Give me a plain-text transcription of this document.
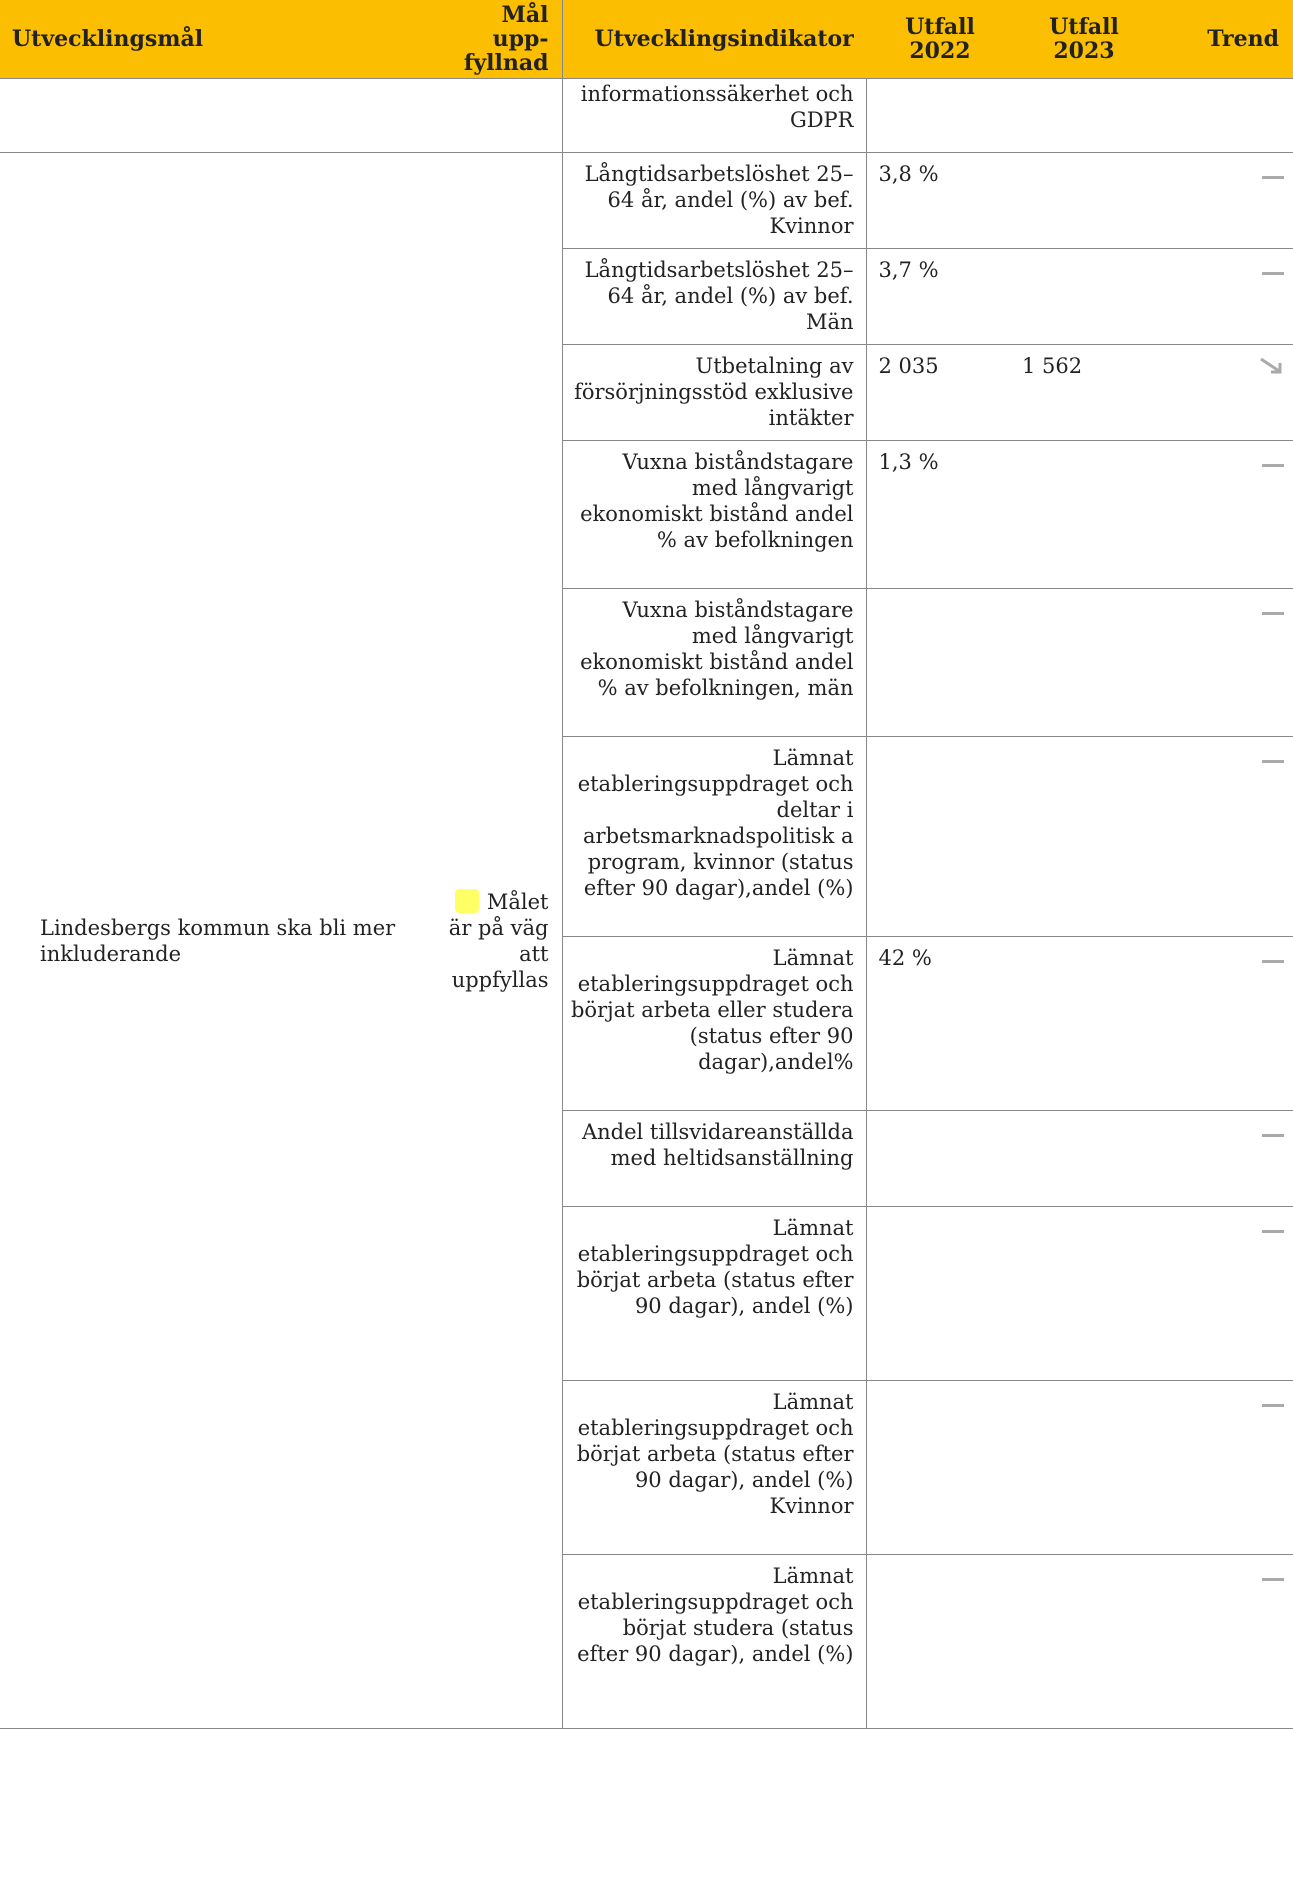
Utvecklingsmål	Mål upp-fyllnad	Utvecklingsindikator	Utfall 2022	Utfall 2023	Trend
		informationssäkerhet och GDPR			
Lindesbergs kommun ska bli mer inkluderande	Målet är på väg att uppfyllas	Långtidsarbetslöshet 25–64 år, andel (%) av bef. Kvinnor	3,8 %		
		Långtidsarbetslöshet 25–64 år, andel (%) av bef. Män	3,7 %		
		Utbetalning av försörjningsstöd exklusive intäkter	2 035	1 562	
		Vuxna biståndstagare med långvarigt ekonomiskt bistånd andel % av befolkningen	1,3 %		
		Vuxna biståndstagare med långvarigt ekonomiskt bistånd andel % av befolkningen, män			
		Lämnat etableringsuppdraget och deltar i arbetsmarknadspolitisk a program, kvinnor (status efter 90 dagar),andel (%)			
		Lämnat etableringsuppdraget och börjat arbeta eller studera (status efter 90 dagar),andel%	42 %		
		Andel tillsvidareanställda med heltidsanställning			
		Lämnat etableringsuppdraget och börjat arbeta (status efter 90 dagar), andel (%)			
		Lämnat etableringsuppdraget och börjat arbeta (status efter 90 dagar), andel (%) Kvinnor			
		Lämnat etableringsuppdraget och börjat studera (status efter 90 dagar), andel (%)			
